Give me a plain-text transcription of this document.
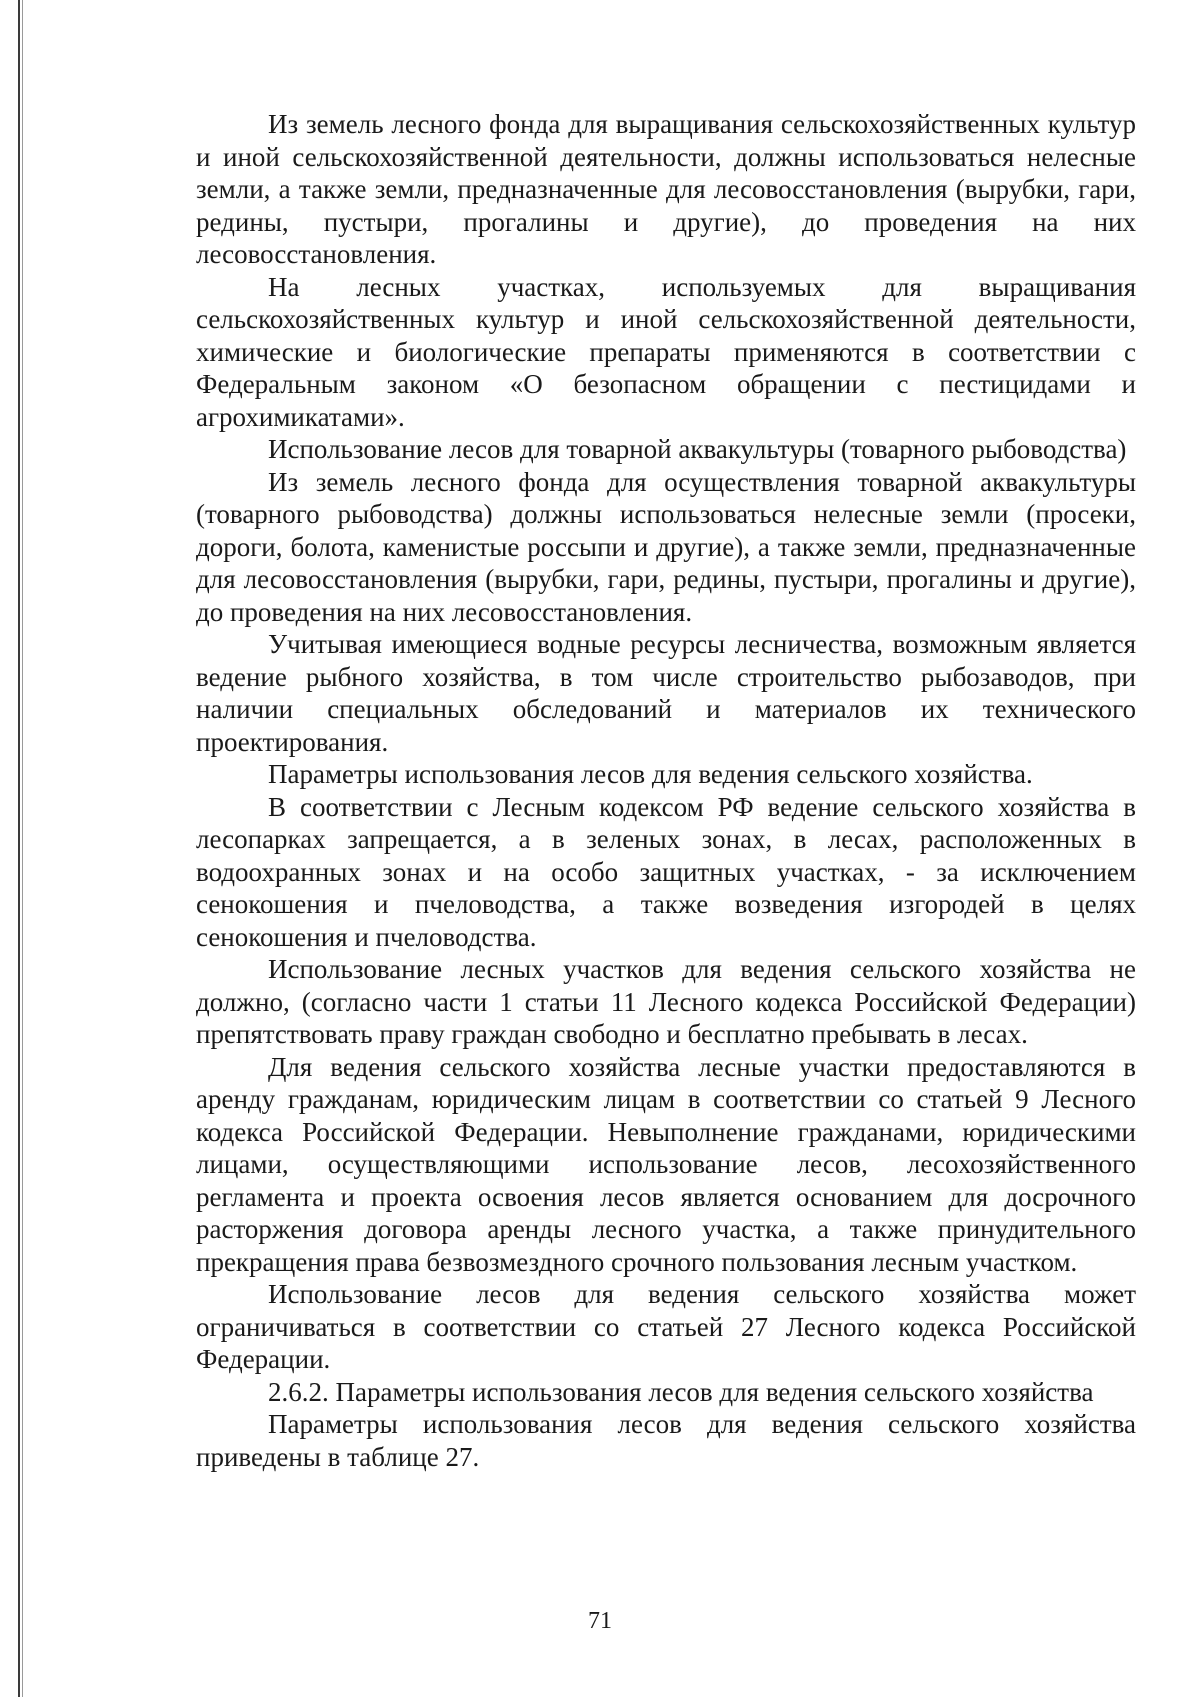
Из земель лесного фонда для выращивания сельскохозяйственных культур и иной сельскохозяйственной деятельности, должны использоваться нелесные земли, а также земли, предназначенные для лесовосстановления (вырубки, гари, редины, пустыри, прогалины и другие), до проведения на них лесовосстановления.

На лесных участках, используемых для выращивания сельскохозяйственных культур и иной сельскохозяйственной деятельности, химические и биологические препараты применяются в соответствии с Федеральным законом «О безопасном обращении с пестицидами и агрохимикатами».

Использование лесов для товарной аквакультуры (товарного рыбоводства)

Из земель лесного фонда для осуществления товарной аквакультуры (товарного рыбоводства) должны использоваться нелесные земли (просеки, дороги, болота, каменистые россыпи и другие), а также земли, предназначенные для лесовосстановления (вырубки, гари, редины, пустыри, прогалины и другие), до проведения на них лесовосстановления.

Учитывая имеющиеся водные ресурсы лесничества, возможным является ведение рыбного хозяйства, в том числе строительство рыбозаводов, при наличии специальных обследований и материалов их технического проектирования.

Параметры использования лесов для ведения сельского хозяйства.

В соответствии с Лесным кодексом РФ ведение сельского хозяйства в лесопарках запрещается, а в зеленых зонах, в лесах, расположенных в водоохранных зонах и на особо защитных участках, - за исключением сенокошения и пчеловодства, а также возведения изгородей в целях сенокошения и пчеловодства.

Использование лесных участков для ведения сельского хозяйства не должно, (согласно части 1 статьи 11 Лесного кодекса Российской Федерации) препятствовать праву граждан свободно и бесплатно пребывать в лесах.

Для ведения сельского хозяйства лесные участки предоставляются в аренду гражданам, юридическим лицам в соответствии со статьей 9 Лесного кодекса Российской Федерации. Невыполнение гражданами, юридическими лицами, осуществляющими использование лесов, лесохозяйственного регламента и проекта освоения лесов является основанием для досрочного расторжения договора аренды лесного участка, а также принудительного прекращения права безвозмездного срочного пользования лесным участком.

Использование лесов для ведения сельского хозяйства может ограничиваться в соответствии со статьей 27 Лесного кодекса Российской Федерации.

2.6.2. Параметры использования лесов для ведения сельского хозяйства

Параметры использования лесов для ведения сельского хозяйства приведены в таблице 27.

71
